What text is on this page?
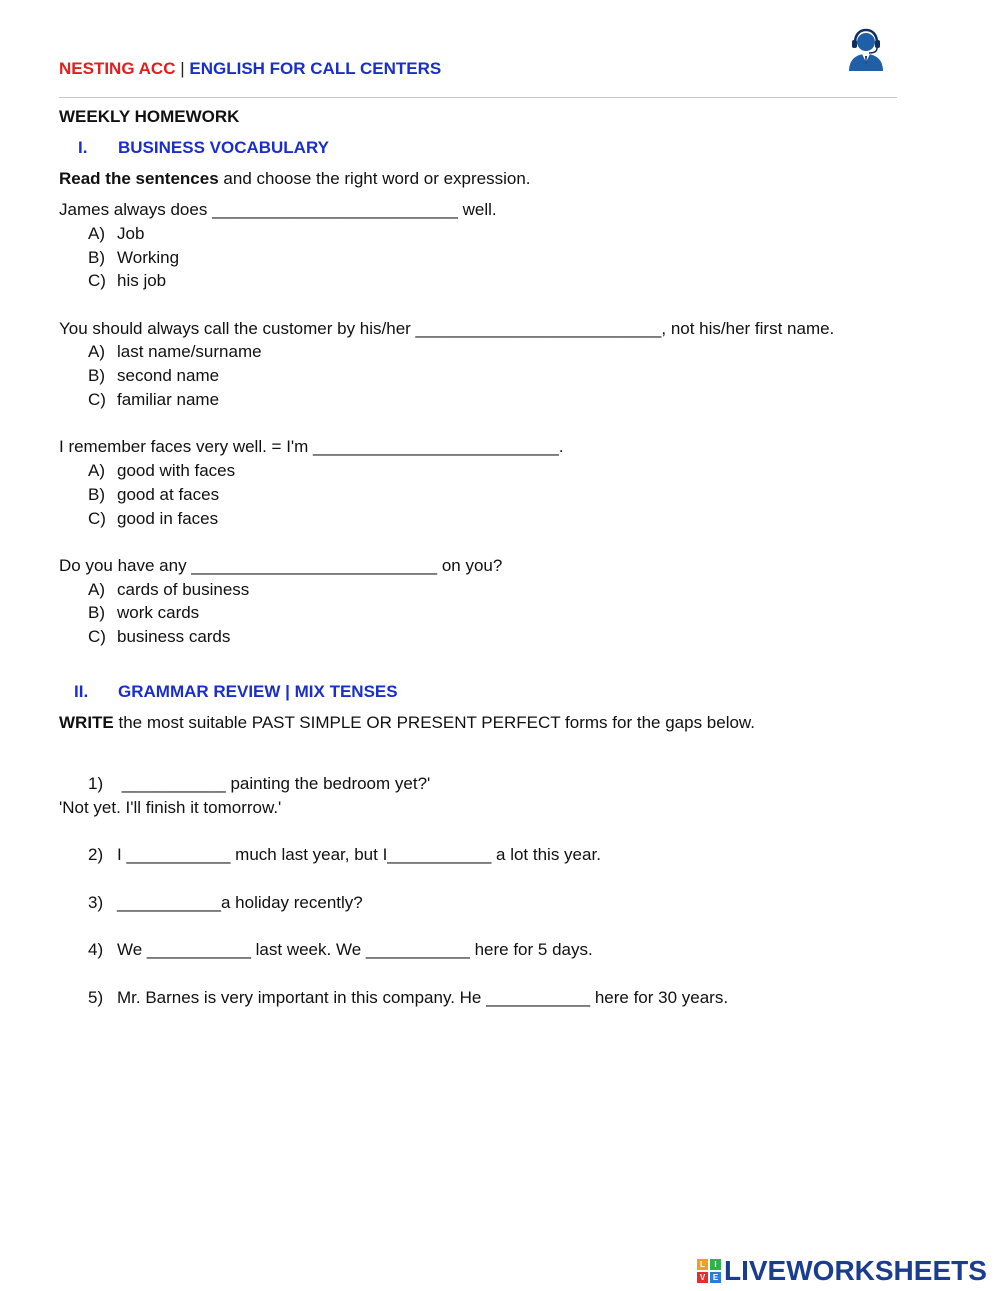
NESTING ACC | ENGLISH FOR CALL CENTERS
WEEKLY HOMEWORK
I. BUSINESS VOCABULARY
Read the sentences and choose the right word or expression.
James always does __________________________ well.
A) Job
B) Working
C) his job
You should always call the customer by his/her __________________________, not his/her first name.
A) last name/surname
B) second name
C) familiar name
I remember faces very well. = I'm __________________________.
A) good with faces
B) good at faces
C) good in faces
Do you have any __________________________ on you?
A) cards of business
B) work cards
C) business cards
II. GRAMMAR REVIEW | MIX TENSES
WRITE the most suitable PAST SIMPLE OR PRESENT PERFECT forms for the gaps below.
1) ___________ painting the bedroom yet?'
'Not yet. I'll finish it tomorrow.'
2) I ___________ much last year, but I___________ a lot this year.
3) ___________a holiday recently?
4) We ___________ last week. We ___________ here for 5 days.
5) Mr. Barnes is very important in this company. He ___________ here for 30 years.
L	I
V E LIVEWORKSHEETS
